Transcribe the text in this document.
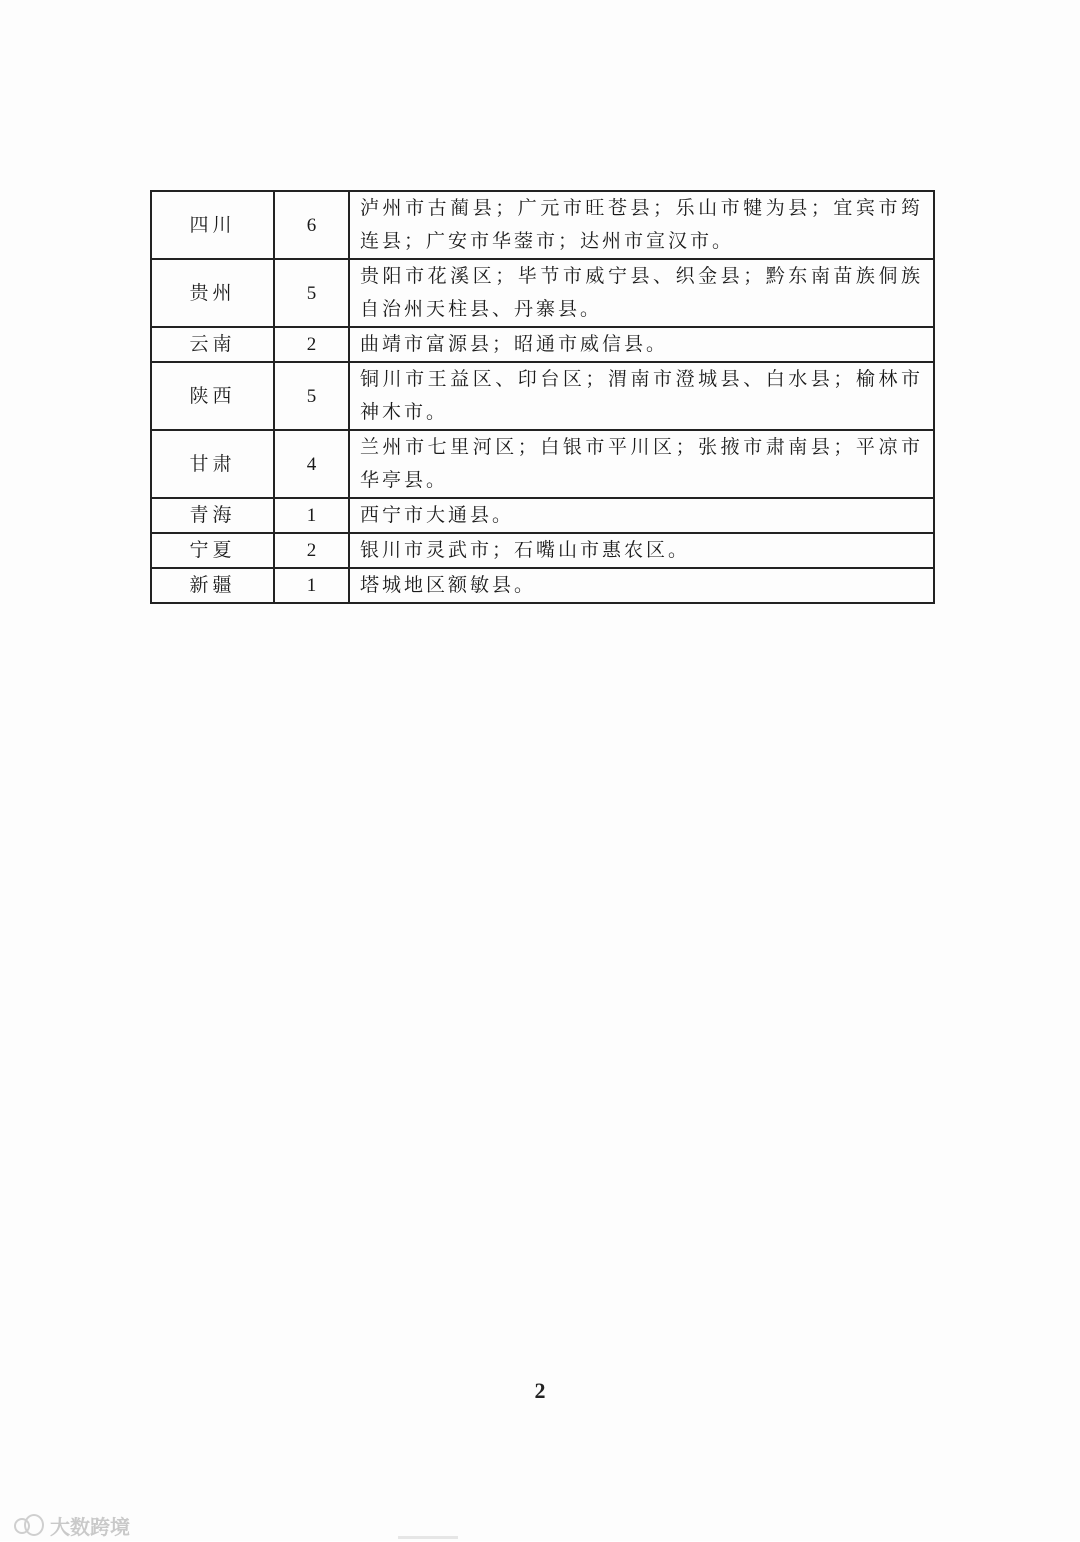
四川	6	泸州市古蔺县；广元市旺苍县；乐山市犍为县；宜宾市筠连县；广安市华蓥市；达州市宣汉市。
贵州	5	贵阳市花溪区；毕节市威宁县、织金县；黔东南苗族侗族自治州天柱县、丹寨县。
云南	2	曲靖市富源县；昭通市威信县。
陕西	5	铜川市王益区、印台区；渭南市澄城县、白水县；榆林市神木市。
甘肃	4	兰州市七里河区；白银市平川区；张掖市肃南县；平凉市华亭县。
青海	1	西宁市大通县。
宁夏	2	银川市灵武市；石嘴山市惠农区。
新疆	1	塔城地区额敏县。
2
大数跨境
